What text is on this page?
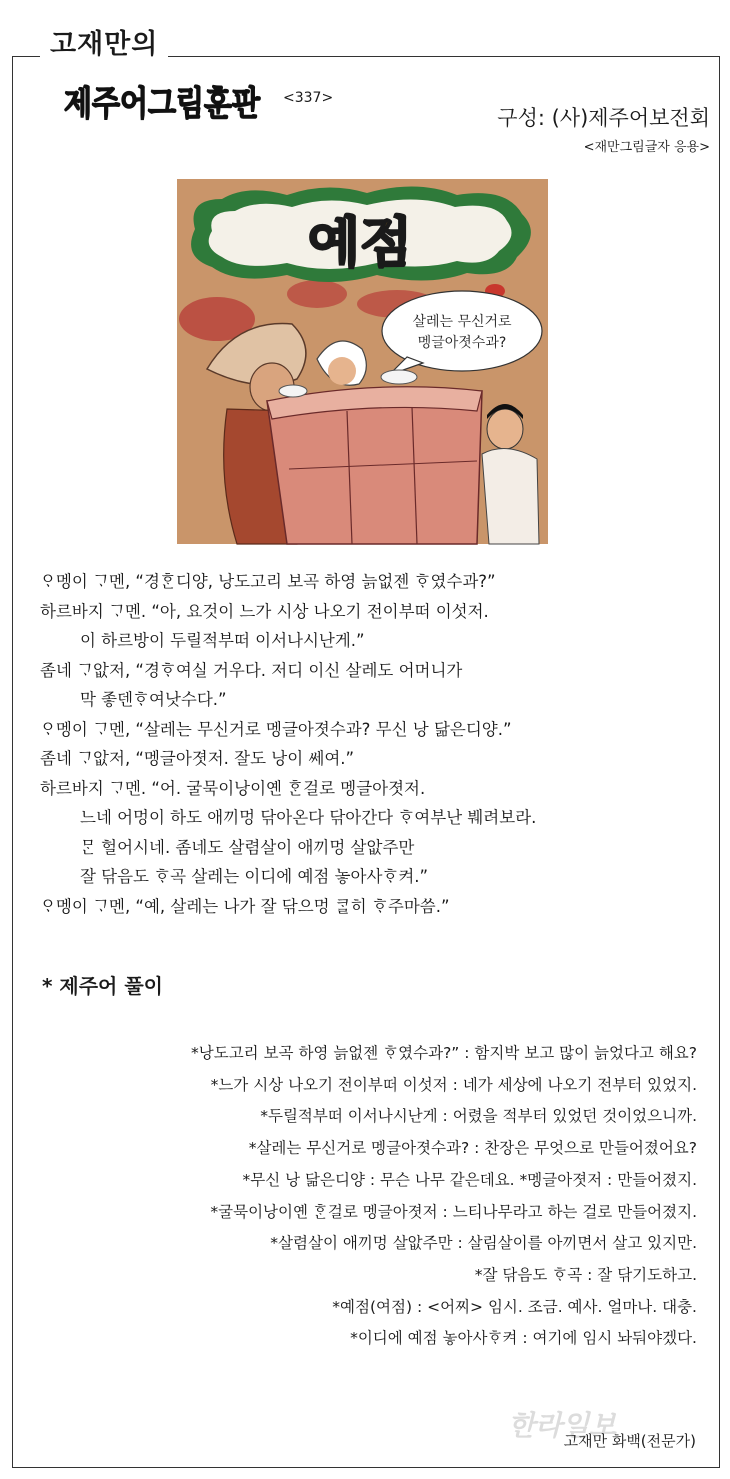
고재만의
제주어그림훈판 <337>
구성: (사)제주어보전회
<재만그림글자 응용>
예점
살레는 무신거로
멩글아졋수과?
ᄋᆞ멩이 ᄀᆞ멘, “경ᄒᆞᆫ디양, 낭도고리 보곡 하영 늙없젠 ᄒᆞ였수과?”
하르바지 ᄀᆞ멘. “아, 요것이 느가 시상 나오기 전이부떠 이섯저.
이 하르방이 두릴적부떠 이서나시난게.”
좀네 ᄀᆞ앖저, “경ᄒᆞ여실 거우다. 저디 이신 살레도 어머니가
막 좋덴ᄒᆞ여낫수다.”
ᄋᆞ멩이 ᄀᆞ멘, “살레는 무신거로 멩글아졋수과? 무신 낭 닮은디양.”
좀네 ᄀᆞ앖저, “멩글아졋저. 잘도 낭이 쎄여.”
하르바지 ᄀᆞ멘. “어. 굴묵이낭이옌 ᄒᆞᆫ걸로 멩글아졋저.
느네 어멍이 하도 애끼멍 닦아온다 닦아간다 ᄒᆞ여부난 붸려보라.
ᄆᆞᆫ 헐어시네. 좀네도 살렴살이 애끼멍 살앖주만
잘 닦음도 ᄒᆞ곡 살레는 이디에 예점 놓아사ᄒᆞ켜.”
ᄋᆞ멩이 ᄀᆞ멘, “예, 살레는 나가 잘 닦으멍 ᄏᆞᆯ히 ᄒᆞ주마씀.”
* 제주어 풀이
*낭도고리 보곡 하영 늙없젠 ᄒᆞ였수과?” : 함지박 보고 많이 늙었다고 해요?
*느가 시상 나오기 전이부떠 이섯저 : 네가 세상에 나오기 전부터 있었지.
*두릴적부떠 이서나시난게 : 어렸을 적부터 있었던 것이었으니까.
*살레는 무신거로 멩글아졋수과? : 찬장은 무엇으로 만들어졌어요?
*무신 낭 닮은디양 : 무슨 나무 같은데요. *멩글아졋저 : 만들어졌지.
*굴묵이낭이옌 ᄒᆞᆫ걸로 멩글아졋저 : 느티나무라고 하는 걸로 만들어졌지.
*살렴살이 애끼멍 살앖주만 : 살림살이를 아끼면서 살고 있지만.
*잘 닦음도 ᄒᆞ곡 : 잘 닦기도하고.
*예점(여점) : <어찌> 임시. 조금. 예사. 얼마나. 대충.
*이디에 예점 놓아사ᄒᆞ켜 : 여기에 임시 놔둬야겠다.
한라일보
고재만 화백(전문가)
